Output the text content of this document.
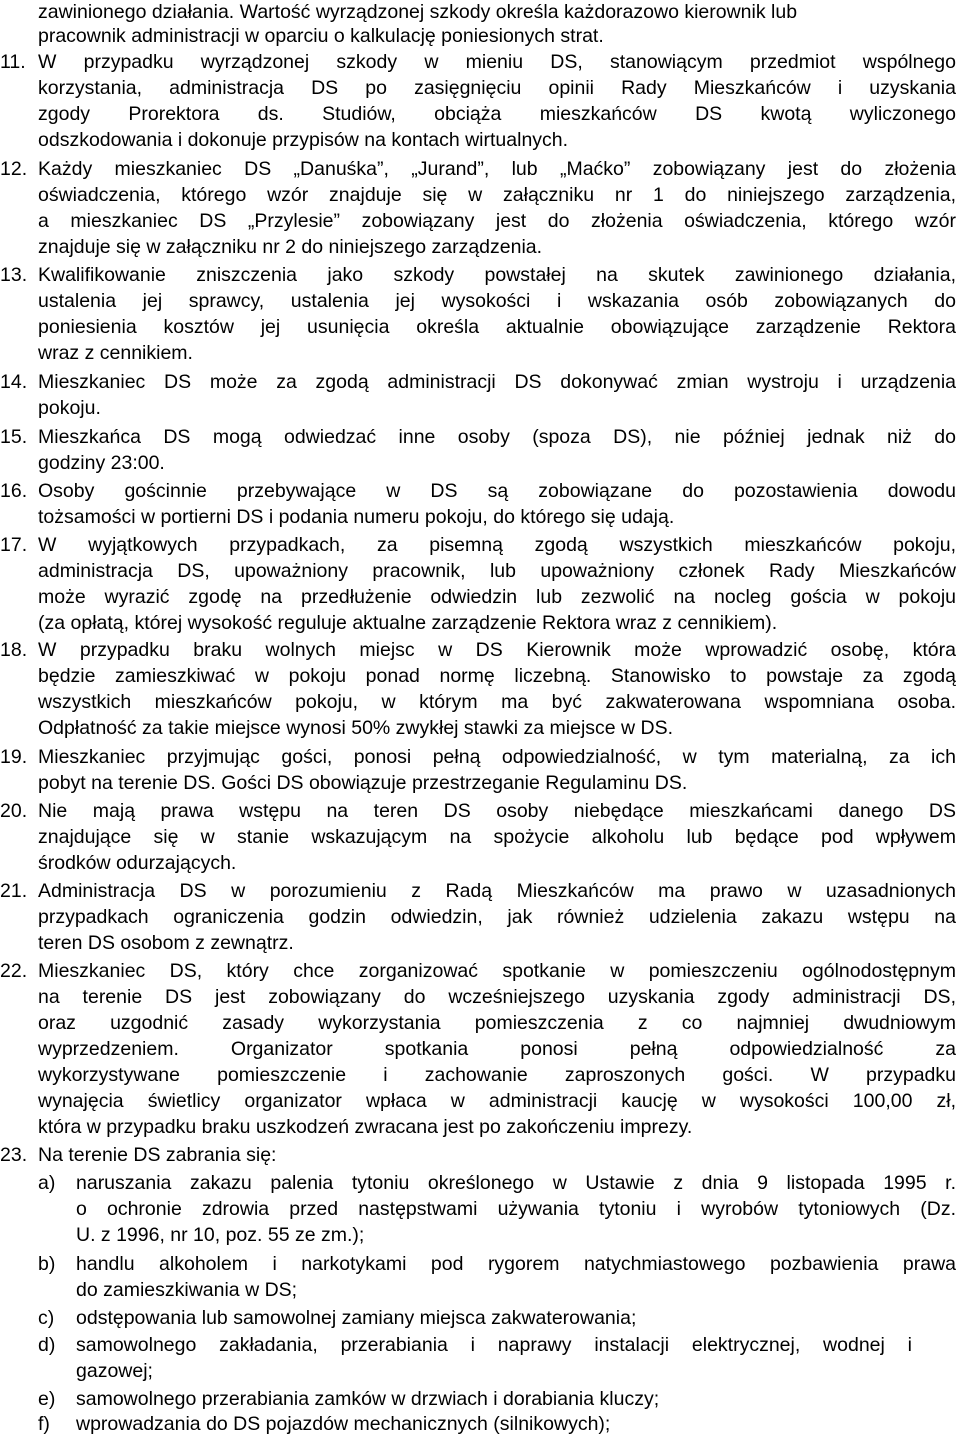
zawinionego działania. Wartość wyrządzonej szkody określa każdorazowo kierownik lub
pracownik administracji w oparciu o kalkulację poniesionych strat.
11. W przypadku wyrządzonej szkody w mieniu DS, stanowiącym przedmiot wspólnego
korzystania, administracja DS po zasięgnięciu opinii Rady Mieszkańców i uzyskania
zgody Prorektora ds. Studiów, obciąża mieszkańców DS kwotą wyliczonego
odszkodowania i dokonuje przypisów na kontach wirtualnych.
12. Każdy mieszkaniec DS „Danuśka”, „Jurand”, lub „Maćko” zobowiązany jest do złożenia
oświadczenia, którego wzór znajduje się w załączniku nr 1 do niniejszego zarządzenia,
a mieszkaniec DS „Przylesie” zobowiązany jest do złożenia oświadczenia, którego wzór
znajduje się w załączniku nr 2 do niniejszego zarządzenia.
13. Kwalifikowanie zniszczenia jako szkody powstałej na skutek zawinionego działania,
ustalenia jej sprawcy, ustalenia jej wysokości i wskazania osób zobowiązanych do
poniesienia kosztów jej usunięcia określa aktualnie obowiązujące zarządzenie Rektora
wraz z cennikiem.
14. Mieszkaniec DS może za zgodą administracji DS dokonywać zmian wystroju i urządzenia
pokoju.
15. Mieszkańca DS mogą odwiedzać inne osoby (spoza DS), nie później jednak niż do
godziny 23:00.
16. Osoby gościnnie przebywające w DS są zobowiązane do pozostawienia dowodu
tożsamości w portierni DS i podania numeru pokoju, do którego się udają.
17. W wyjątkowych przypadkach, za pisemną zgodą wszystkich mieszkańców pokoju,
administracja DS, upoważniony pracownik, lub upoważniony członek Rady Mieszkańców
może wyrazić zgodę na przedłużenie odwiedzin lub zezwolić na nocleg gościa w pokoju
(za opłatą, której wysokość reguluje aktualne zarządzenie Rektora wraz z cennikiem).
18. W przypadku braku wolnych miejsc w DS Kierownik może wprowadzić osobę, która
będzie zamieszkiwać w pokoju ponad normę liczebną. Stanowisko to powstaje za zgodą
wszystkich mieszkańców pokoju, w którym ma być zakwaterowana wspomniana osoba.
Odpłatność za takie miejsce wynosi 50% zwykłej stawki za miejsce w DS.
19. Mieszkaniec przyjmując gości, ponosi pełną odpowiedzialność, w tym materialną, za ich
pobyt na terenie DS. Gości DS obowiązuje przestrzeganie Regulaminu DS.
20. Nie mają prawa wstępu na teren DS osoby niebędące mieszkańcami danego DS
znajdujące się w stanie wskazującym na spożycie alkoholu lub będące pod wpływem
środków odurzających.
21. Administracja DS w porozumieniu z Radą Mieszkańców ma prawo w uzasadnionych
przypadkach ograniczenia godzin odwiedzin, jak również udzielenia zakazu wstępu na
teren DS osobom z zewnątrz.
22. Mieszkaniec DS, który chce zorganizować spotkanie w pomieszczeniu ogólnodostępnym
na terenie DS jest zobowiązany do wcześniejszego uzyskania zgody administracji DS,
oraz uzgodnić zasady wykorzystania pomieszczenia z co najmniej dwudniowym
wyprzedzeniem. Organizator spotkania ponosi pełną odpowiedzialność za
wykorzystywane pomieszczenie i zachowanie zaproszonych gości. W przypadku
wynajęcia świetlicy organizator wpłaca w administracji kaucję w wysokości 100,00 zł,
która w przypadku braku uszkodzeń zwracana jest po zakończeniu imprezy.
23. Na terenie DS zabrania się:
a)	naruszania zakazu palenia tytoniu określonego w Ustawie z dnia 9 listopada 1995 r.
o ochronie zdrowia przed następstwami używania tytoniu i wyrobów tytoniowych (Dz.
U. z 1996, nr 10, poz. 55 ze zm.);
b)	handlu alkoholem i narkotykami pod rygorem natychmiastowego pozbawienia prawa
do zamieszkiwania w DS;
c)	odstępowania lub samowolnej zamiany miejsca zakwaterowania;
d)	samowolnego zakładania, przerabiania i naprawy instalacji elektrycznej, wodnej i
gazowej;
e)	samowolnego przerabiania zamków w drzwiach i dorabiania kluczy;
f)	wprowadzania do DS pojazdów mechanicznych (silnikowych);
